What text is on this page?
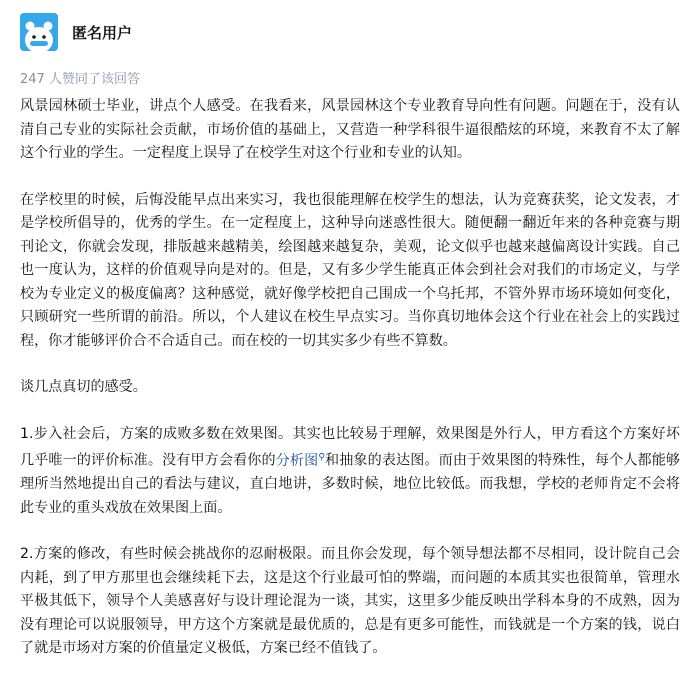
匿名用户
247 人赞同了该回答

风景园林硕士毕业，讲点个人感受。在我看来，风景园林这个专业教育导向性有问题。问题在于，没有认清自己专业的实际社会贡献，市场价值的基础上，又营造一种学科很牛逼很酷炫的环境，来教育不太了解这个行业的学生。一定程度上误导了在校学生对这个行业和专业的认知。

在学校里的时候，后悔没能早点出来实习，我也很能理解在校学生的想法，认为竞赛获奖，论文发表，才是学校所倡导的，优秀的学生。在一定程度上，这种导向迷惑性很大。随便翻一翻近年来的各种竞赛与期刊论文，你就会发现，排版越来越精美，绘图越来越复杂，美观，论文似乎也越来越偏离设计实践。自己也一度认为，这样的价值观导向是对的。但是，又有多少学生能真正体会到社会对我们的市场定义，与学校为专业定义的极度偏离？这种感觉，就好像学校把自己围成一个乌托邦，不管外界市场环境如何变化，只顾研究一些所谓的前沿。所以，个人建议在校生早点实习。当你真切地体会这个行业在社会上的实践过程，你才能够评价合不合适自己。而在校的一切其实多少有些不算数。

谈几点真切的感受。

1.步入社会后，方案的成败多数在效果图。其实也比较易于理解，效果图是外行人，甲方看这个方案好坏几乎唯一的评价标准。没有甲方会看你的分析图⚲和抽象的表达图。而由于效果图的特殊性，每个人都能够理所当然地提出自己的看法与建议，直白地讲，多数时候，地位比较低。而我想，学校的老师肯定不会将此专业的重头戏放在效果图上面。

2.方案的修改，有些时候会挑战你的忍耐极限。而且你会发现，每个领导想法都不尽相同，设计院自己会内耗，到了甲方那里也会继续耗下去，这是这个行业最可怕的弊端，而问题的本质其实也很简单，管理水平极其低下，领导个人美感喜好与设计理论混为一谈，其实，这里多少能反映出学科本身的不成熟，因为没有理论可以说服领导，甲方这个方案就是最优质的，总是有更多可能性，而钱就是一个方案的钱，说白了就是市场对方案的价值量定义极低，方案已经不值钱了。
